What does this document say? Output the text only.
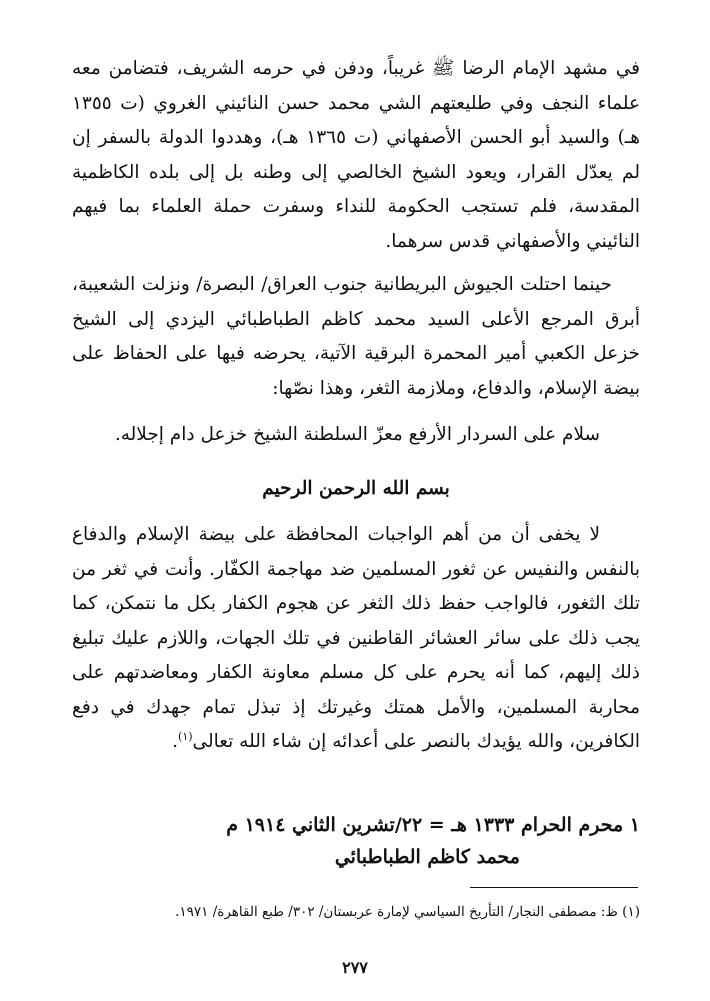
في مشهد الإمام الرضا ﷺ غريباً، ودفن في حرمه الشريف، فتضامن معه علماء النجف وفي طليعتهم الشي محمد حسن النائيني الغروي (ت ١٣٥٥ هـ) والسيد أبو الحسن الأصفهاني (ت ١٣٦٥ هـ)، وهددوا الدولة بالسفر إن لم يعدّل القرار، ويعود الشيخ الخالصي إلى وطنه بل إلى بلده الكاظمية المقدسة، فلم تستجب الحكومة للنداء وسفرت حملة العلماء بما فيهم النائيني والأصفهاني قدس سرهما.

حينما احتلت الجيوش البريطانية جنوب العراق/ البصرة/ ونزلت الشعيبة، أبرق المرجع الأعلى السيد محمد كاظم الطباطبائي اليزدي إلى الشيخ خزعل الكعبي أمير المحمرة البرقية الآتية، يحرضه فيها على الحفاظ على بيضة الإسلام، والدفاع، وملازمة الثغر، وهذا نصّها:

سلام على السردار الأرفع معزّ السلطنة الشيخ خزعل دام إجلاله.

بسم الله الرحمن الرحيم

لا يخفى أن من أهم الواجبات المحافظة على بيضة الإسلام والدفاع بالنفس والنفيس عن ثغور المسلمين ضد مهاجمة الكفّار. وأنت في ثغر من تلك الثغور، فالواجب حفظ ذلك الثغر عن هجوم الكفار بكل ما نتمكن، كما يجب ذلك على سائر العشائر القاطنين في تلك الجهات، واللازم عليك تبليغ ذلك إليهم، كما أنه يحرم على كل مسلم معاونة الكفار ومعاضدتهم على محاربة المسلمين، والأمل همتك وغيرتك إذ تبذل تمام جهدك في دفع الكافرين، والله يؤيدك بالنصر على أعدائه إن شاء الله تعالى$^{(١)}$.

١ محرم الحرام ١٣٣٣ هـ = ٢٢/تشرين الثاني ١٩١٤ م
محمد كاظم الطباطبائي
(١) ظ: مصطفى النجار/ التأريخ السياسي لإمارة عربستان/ ٣٠٢/ طبع القاهرة/ ١٩٧١.
٢٧٧
